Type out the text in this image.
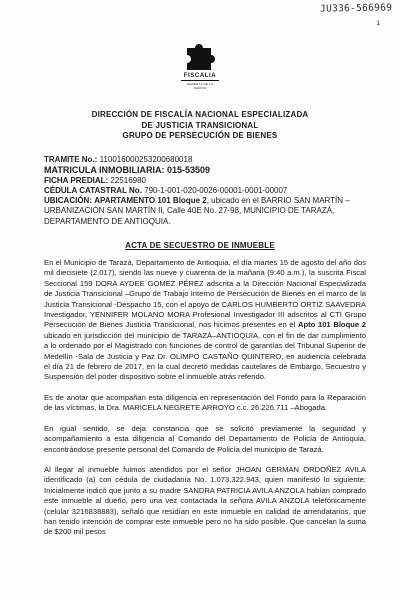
JU336-566969
1
FISCALIA
GENERAL DE LA NACION
DIRECCIÓN DE FISCALÍA NACIONAL ESPECIALIZADA
DE JUSTICIA TRANSICIONAL
GRUPO DE PERSECUCIÓN DE BIENES
TRAMITE No.: 110016000253200680018
MATRICULA INMOBILIARIA: 015-53509
FICHA PREDIAL: 22516980
CÉDULA CATASTRAL No. 790-1-001-020-0026-00001-0001-00007
UBICACIÓN: APARTAMENTO 101 Bloque 2, ubicado en el BARRIO SAN MARTÍN –URBANIZACIÓN SAN MARTÍN II, Calle 40E No. 27-98, MUNICIPIO DE TARAZÁ, DEPARTAMENTO DE ANTIOQUIA.
ACTA DE SECUESTRO DE INMUEBLE

En el Municipio de Tarazá, Departamento de Antioquia, el día martes 15 de agosto del año dos mil diecisiete (2.017), siendo las nueve y cuarenta de la mañana (9:40 a.m.), la suscrita Fiscal Seccional 159 DORA AYDEE GOMEZ PÉREZ adscrita a la Dirección Nacional Especializada de Justicia Transicional –Grupo de Trabajo Interno de Persecución de Bienes en el marco de la Justicia Transicional -Despacho 15, con el apoyo de CARLOS HUMBERTO ORTIZ SAAVEDRA Investigador, YENNIFER MOLANO MORA Profesional Investigador III adscritos al CTI Grupo Persecución de Bienes Justicia Transicional, nos hicimos presentes en el Apto 101 Bloque 2 ubicado en jurisdicción del municipio de TARAZÁ–ANTIOQUIA, con el fin de dar cumplimiento a lo ordenado por el Magistrado con funciones de control de garantías del Tribunal Superior de Medellín -Sala de Justicia y Paz Dr. OLIMPO CASTAÑO QUINTERO, en audiencia celebrada el día 21 de febrero de 2017, en la cual decretó medidas cautelares de Embargo, Secuestro y Suspensión del poder dispositivo sobre el inmueble atrás referido.

Es de anotar que acompañan esta diligencia en representación del Fondo para la Reparación de las víctimas, la Dra. MARICELA NEGRETE ARROYO c.c. 26.226.711 –Abogada.

En igual sentido, se deja constancia que se solicitó previamente la seguridad y acompañamiento a esta diligencia al Comando del Departamento de Policía de Antioquia, encontrándose presente personal del Comando de Policía del municipio de Tarazá.

Al llegar al inmueble fuimos atendidos por el señor JHOAN GERMAN ORDOÑEZ AVILA identificado (a) con cédula de ciudadanía No. 1.073.322.943, quien manifestó lo siguiente: Inicialmente indicó que junto a su madre SANDRA PATRICIA AVILA ANZOLA habían comprado este inmueble al dueño, pero una vez contactada la señora AVILA ANZOLA telefónicamente (celular 3216838883), señaló que residían en este inmueble en calidad de arrendatarios, que han tenido intención de comprar este inmueble pero no ha sido posible. Que cancelan la suma de $200 mil pesos
